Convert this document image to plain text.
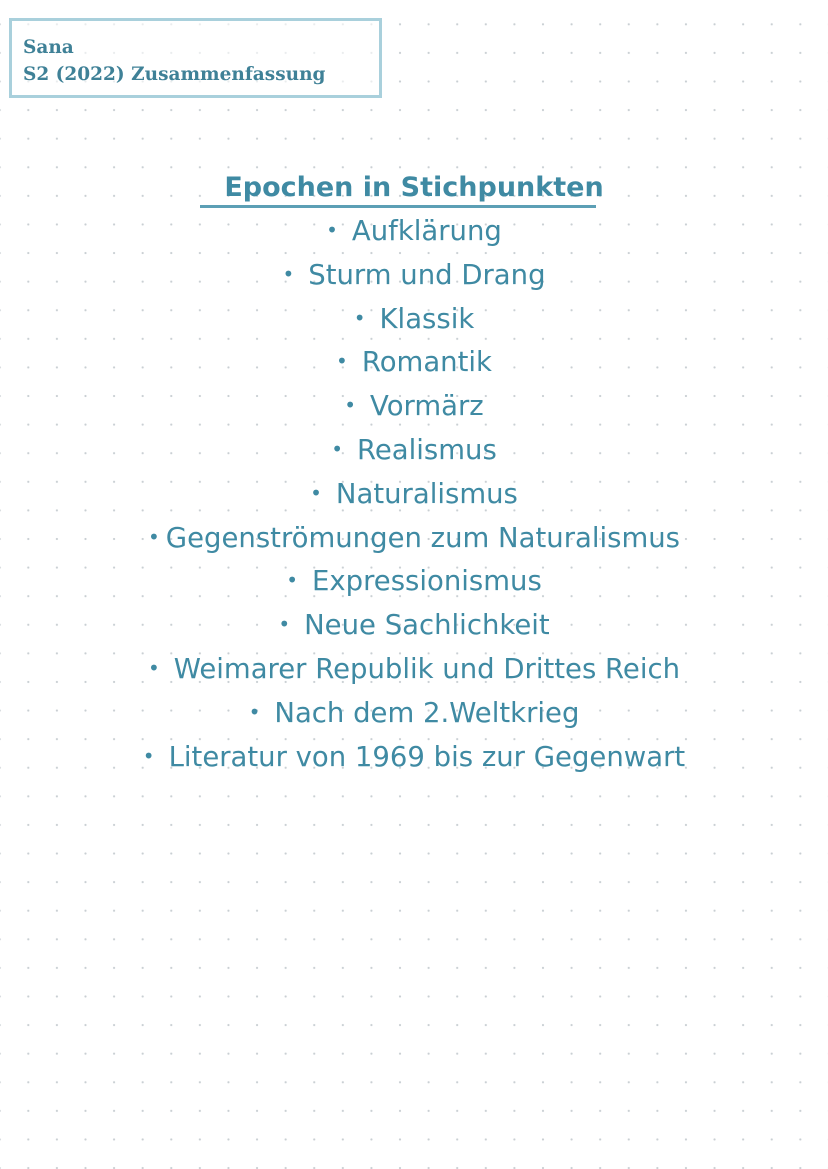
Sana
S2 (2022) Zusammenfassung
Epochen in Stichpunkten
• Aufklärung
• Sturm und Drang
• Klassik
• Romantik
• Vormärz
• Realismus
• Naturalismus
• Gegenströmungen zum Naturalismus
• Expressionismus
• Neue Sachlichkeit
• Weimarer Republik und Drittes Reich
• Nach dem 2.Weltkrieg
• Literatur von 1969 bis zur Gegenwart
